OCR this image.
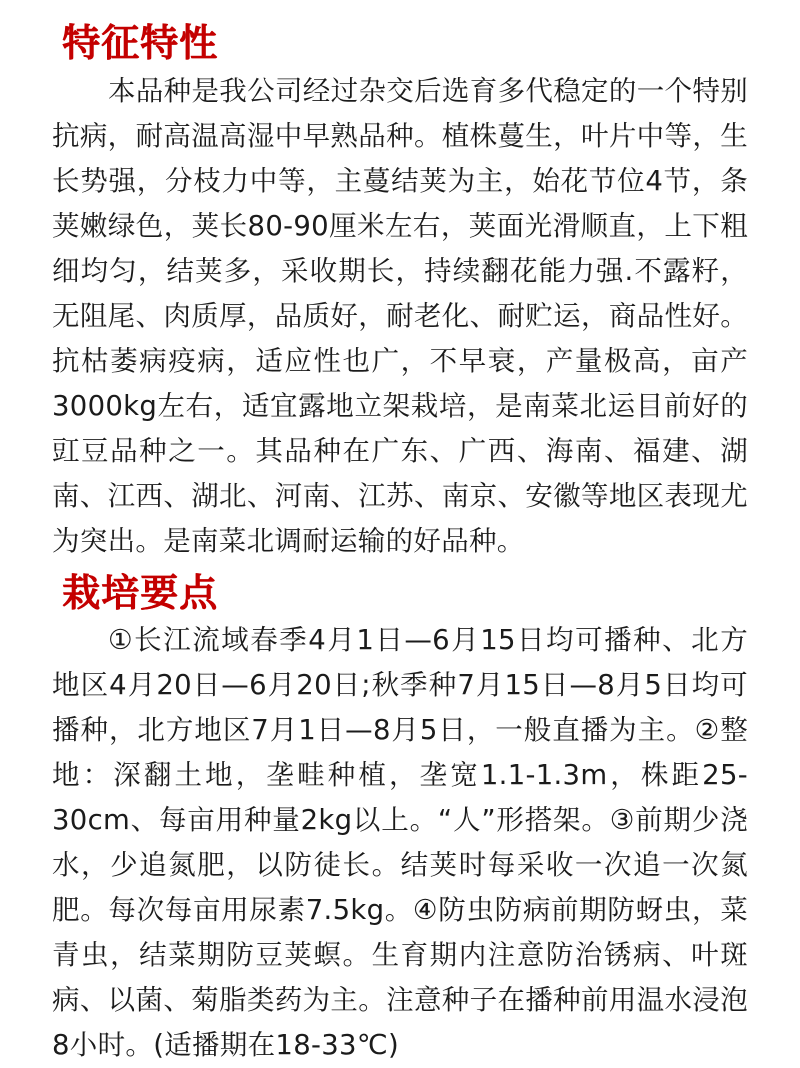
特征特性

本品种是我公司经过杂交后选育多代稳定的一个特别抗病，耐高温高湿中早熟品种。植株蔓生，叶片中等，生长势强，分枝力中等，主蔓结荚为主，始花节位4节，条荚嫩绿色，荚长80-90厘米左右，荚面光滑顺直，上下粗细均匀，结荚多，采收期长，持续翻花能力强.不露籽，无阻尾、肉质厚，品质好，耐老化、耐贮运，商品性好。抗枯萎病疫病，适应性也广，不早衰，产量极高，亩产3000kg左右，适宜露地立架栽培，是南菜北运目前好的豇豆品种之一。其品种在广东、广西、海南、福建、湖南、江西、湖北、河南、江苏、南京、安徽等地区表现尤为突出。是南菜北调耐运输的好品种。

栽培要点

①长江流域春季4月1日—6月15日均可播种、北方地区4月20日—6月20日;秋季种7月15日—8月5日均可播种，北方地区7月1日—8月5日，一般直播为主。②整地：深翻土地，垄畦种植，垄宽1.1-1.3m，株距25-30cm、每亩用种量2kg以上。“人”形搭架。③前期少浇水，少追氮肥，以防徒长。结荚时每采收一次追一次氮肥。每次每亩用尿素7.5kg。④防虫防病前期防蚜虫，菜青虫，结菜期防豆荚螟。生育期内注意防治锈病、叶斑病、以菌、菊脂类药为主。注意种子在播种前用温水浸泡8小时。(适播期在18-33℃)
